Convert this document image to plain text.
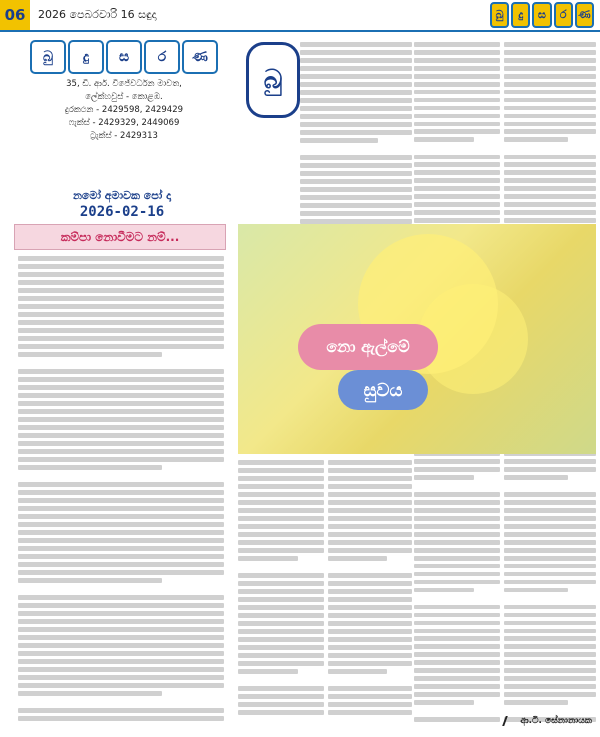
06	2026 පෙබරවාරි 16 සඳුදා	බු	දු	ස	ර	ණ
බු	දු	ස	ර	ණ
35, ඩී. ආර්. විජේවර්ධන මාවත,
ලේක්හවුස් - කොළඹ.
දුරකථන - 2429598, 2429429
ෆැක්ස් - 2429329, 2449069
ට්‍රැක්ස් - 2429313
නමෝ අමාවක පෝ දා
2026-02-16
කම්පා නොවීමට නම්...
බු
නො ඇල්මේ
සුවය
ආ.ටී. සේනානායක
